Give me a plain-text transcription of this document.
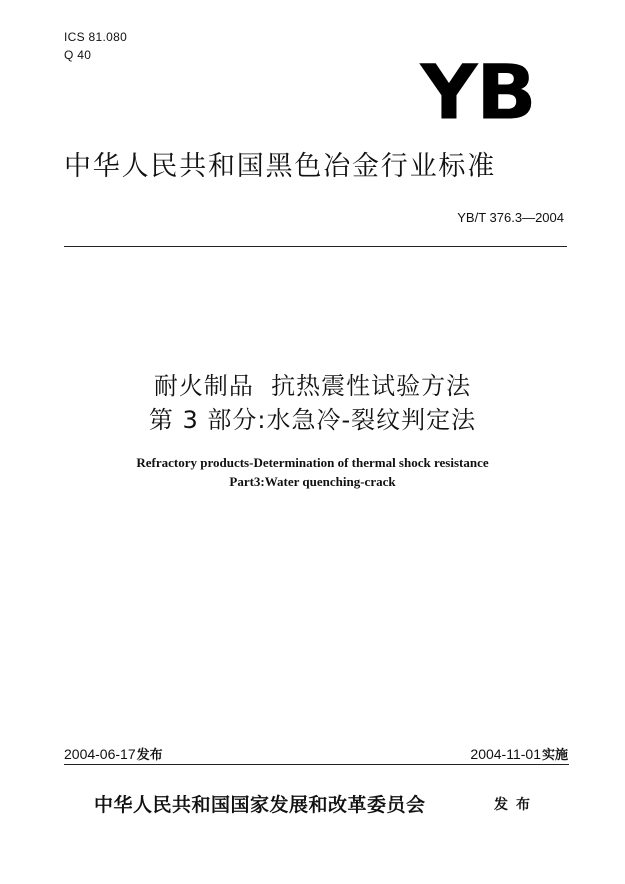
ICS 81.080
Q 40	YB
中华人民共和国黑色冶金行业标准
YB/T 376.3—2004
耐火制品  抗热震性试验方法
第 3 部分:水急冷-裂纹判定法
Refractory products-Determination of thermal shock resistance
Part3:Water quenching-crack
2004-06-17发布	2004-11-01实施
中华人民共和国国家发展和改革委员会	发布
